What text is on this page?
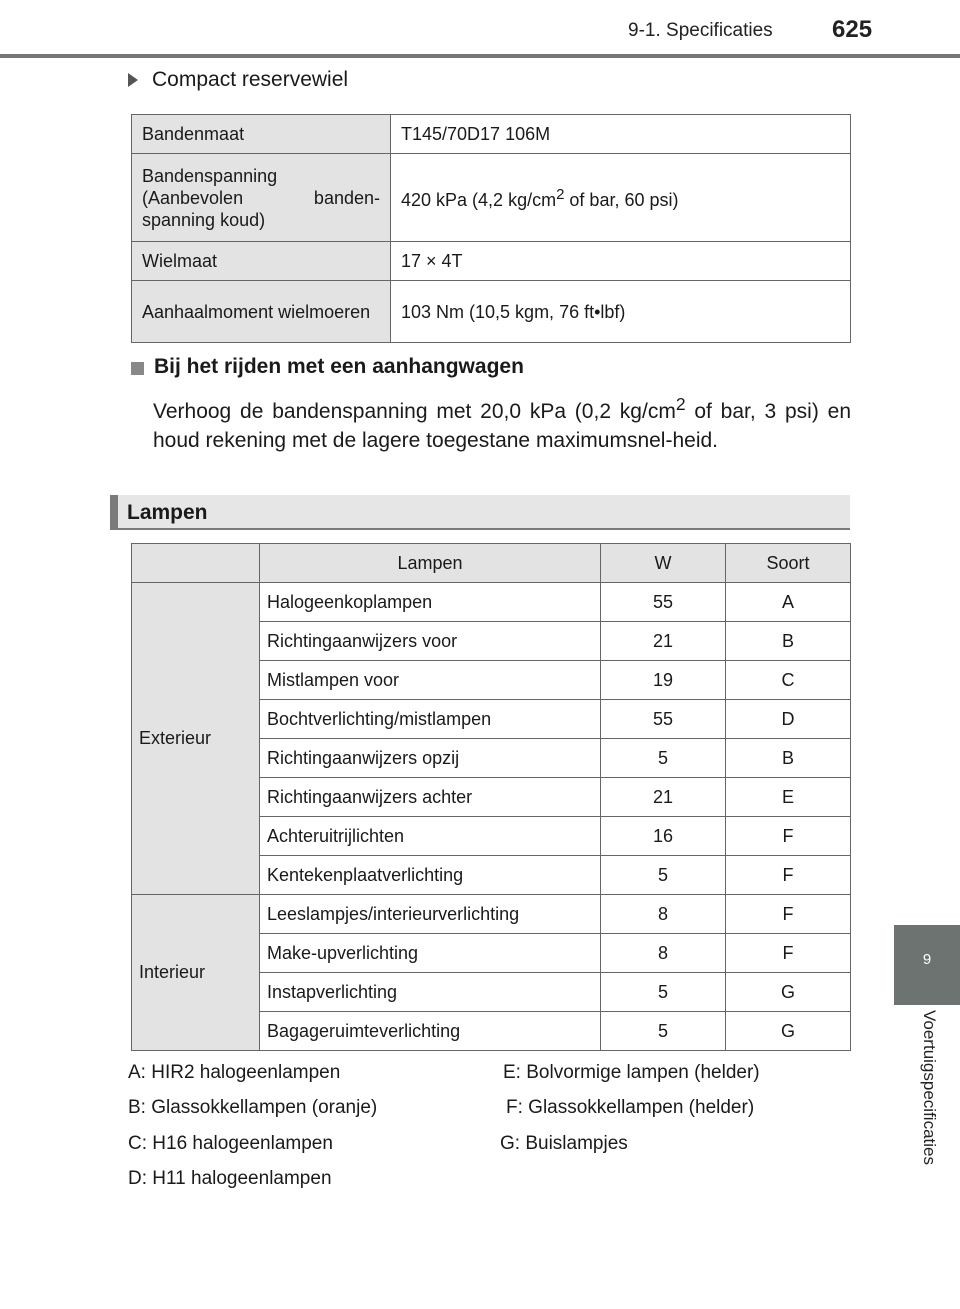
9-1. Specificaties 625
9
Voertuigspecificaties
Compact reservewiel
Bandenmaat	T145/70D17 106M
Bandenspanning (Aanbevolen banden-spanning koud)	420 kPa (4,2 $kg/cm^2$ of bar, 60 psi)
Wielmaat	17 × 4T
Aanhaalmoment wielmoeren	103 Nm (10,5 kgm, 76 ft•lbf)
Bij het rijden met een aanhangwagen

Verhoog de bandenspanning met 20,0 kPa (0,2 $kg/cm^2$ of bar, 3 psi) en houd rekening met de lagere toegestane maximumsnel-heid.

Lampen
	Lampen	W	Soort
Exterieur	Halogeenkoplampen	55	A
	Richtingaanwijzers voor	21	B
	Mistlampen voor	19	C
	Bochtverlichting/mistlampen	55	D
	Richtingaanwijzers opzij	5	B
	Richtingaanwijzers achter	21	E
	Achteruitrijlichten	16	F
	Kentekenplaatverlichting	5	F
Interieur	Leeslampjes/interieurverlichting	8	F
	Make-upverlichting	8	F
	Instapverlichting	5	G
	Bagageruimteverlichting	5	G
A: HIR2 halogeenlampen	E: Bolvormige lampen (helder)
B: Glassokkellampen (oranje)	F: Glassokkellampen (helder)
C: H16 halogeenlampen	G: Buislampjes
D: H11 halogeenlampen
